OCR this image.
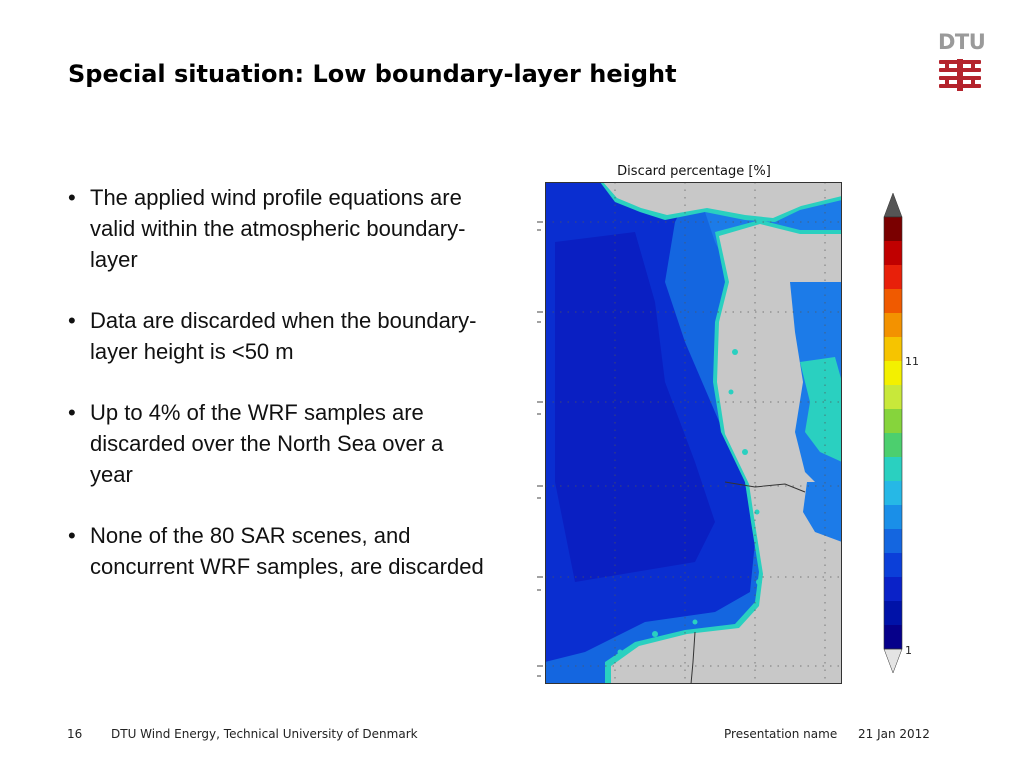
Special situation: Low boundary-layer height
DTU
• The applied wind profile equations are valid within the atmospheric boundary-layer
• Data are discarded when the boundary-layer height is <50 m
• Up to 4% of the WRF samples are discarded over the North Sea over a year
• None of the 80 SAR scenes, and concurrent WRF samples, are discarded
Discard percentage [%]
11
1
16 DTU Wind Energy, Technical University of Denmark	Presentation name 21 Jan 2012
